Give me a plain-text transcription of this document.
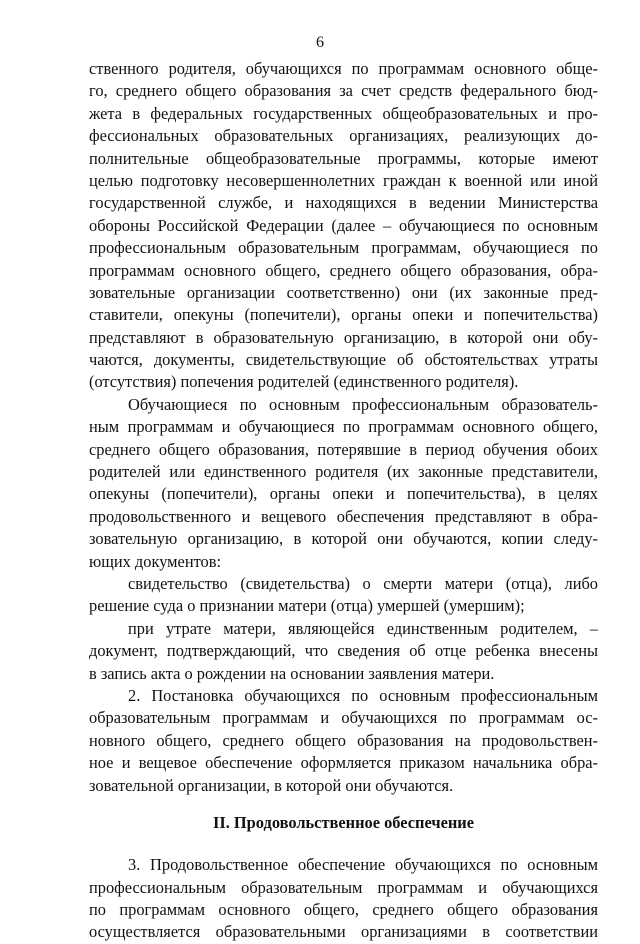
6
ственного родителя, обучающихся по программам основного обще-
го, среднего общего образования за счет средств федерального бюд-
жета в федеральных государственных общеобразовательных и про-
фессиональных образовательных организациях, реализующих до-
полнительные общеобразовательные программы, которые имеют
целью подготовку несовершеннолетних граждан к военной или иной
государственной службе, и находящихся в ведении Министерства
обороны Российской Федерации (далее – обучающиеся по основным
профессиональным образовательным программам, обучающиеся по
программам основного общего, среднего общего образования, обра-
зовательные организации соответственно) они (их законные пред-
ставители, опекуны (попечители), органы опеки и попечительства)
представляют в образовательную организацию, в которой они обу-
чаются, документы, свидетельствующие об обстоятельствах утраты
(отсутствия) попечения родителей (единственного родителя).
Обучающиеся по основным профессиональным образователь-
ным программам и обучающиеся по программам основного общего,
среднего общего образования, потерявшие в период обучения обоих
родителей или единственного родителя (их законные представители,
опекуны (попечители), органы опеки и попечительства), в целях
продовольственного и вещевого обеспечения представляют в обра-
зовательную организацию, в которой они обучаются, копии следу-
ющих документов:
свидетельство (свидетельства) о смерти матери (отца), либо
решение суда о признании матери (отца) умершей (умершим);
при утрате матери, являющейся единственным родителем, –
документ, подтверждающий, что сведения об отце ребенка внесены
в запись акта о рождении на основании заявления матери.
2. Постановка обучающихся по основным профессиональным
образовательным программам и обучающихся по программам ос-
новного общего, среднего общего образования на продовольствен-
ное и вещевое обеспечение оформляется приказом начальника обра-
зовательной организации, в которой они обучаются.
II. Продовольственное обеспечение
3. Продовольственное обеспечение обучающихся по основным
профессиональным образовательным программам и обучающихся
по программам основного общего, среднего общего образования
осуществляется образовательными организациями в соответствии
